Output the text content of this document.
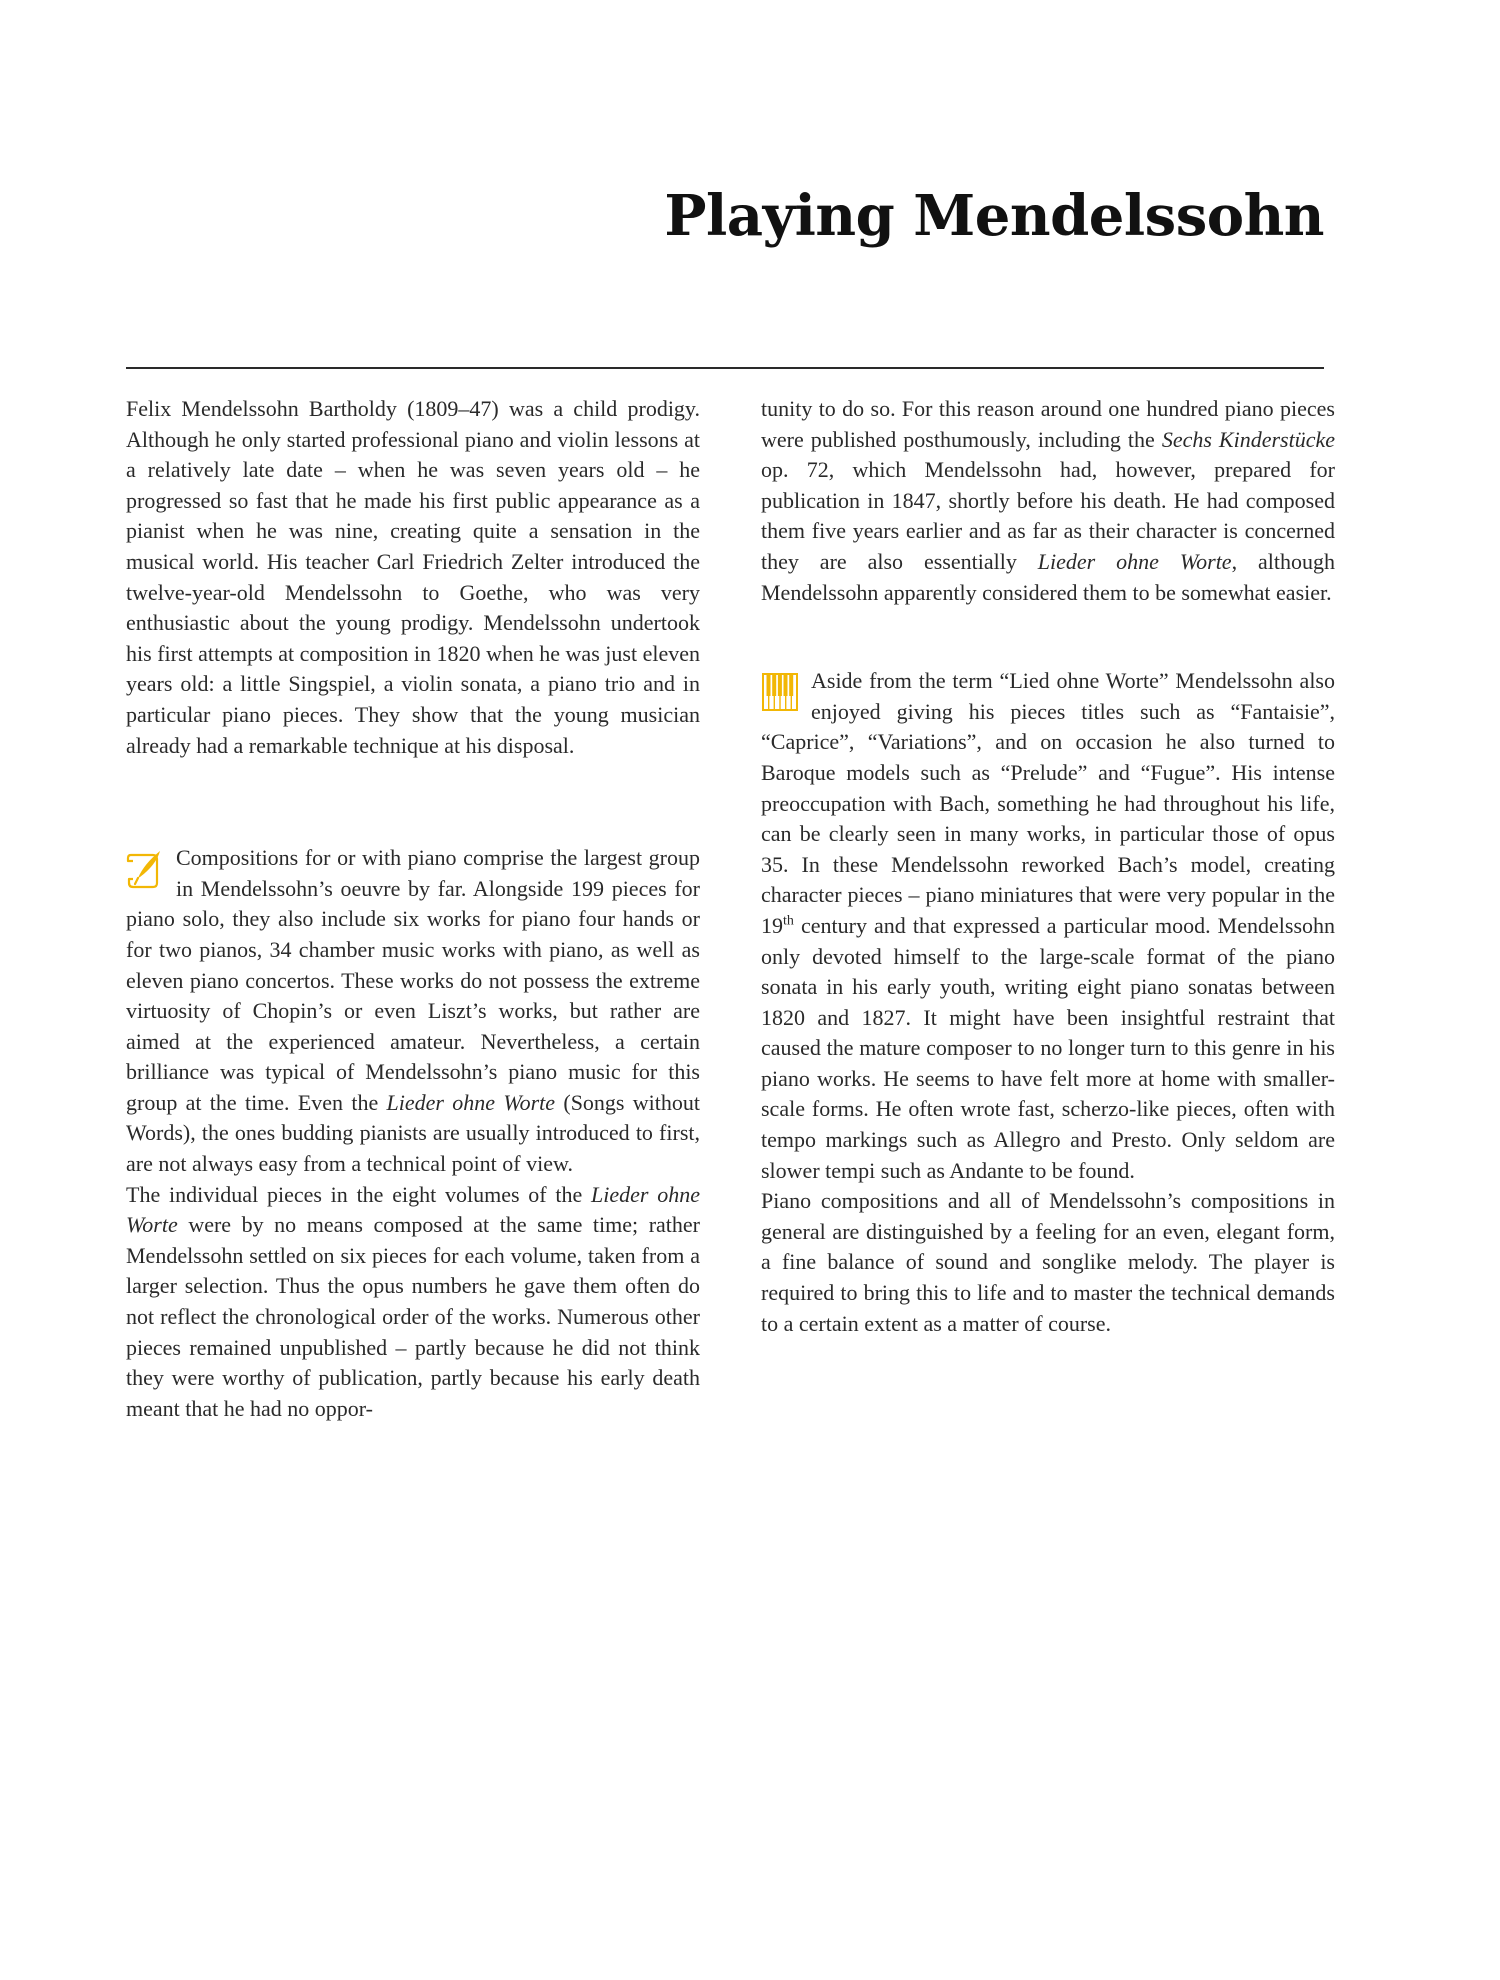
Playing Mendelssohn

Felix Mendelssohn Bartholdy (1809–47) was a child prodigy. Although he only started professional piano and violin lessons at a relatively late date – when he was seven years old – he progressed so fast that he made his first public appearance as a pianist when he was nine, creating quite a sensation in the musical world. His teacher Carl Friedrich Zelter introduced the twelve-year-old Mendelssohn to Goethe, who was very enthusiastic about the young prodigy. Mendelssohn undertook his first attempts at composition in 1820 when he was just eleven years old: a little Singspiel, a violin sonata, a piano trio and in particular piano pieces. They show that the young musician already had a remarkable technique at his disposal.

Compositions for or with piano comprise the largest group in Mendelssohn’s oeuvre by far. Alongside 199 pieces for piano solo, they also include six works for piano four hands or for two pianos, 34 chamber music works with piano, as well as eleven piano concertos. These works do not possess the extreme virtuosity of Chopin’s or even Liszt’s works, but rather are aimed at the experienced amateur. Nevertheless, a certain brilliance was typical of Mendelssohn’s piano music for this group at the time. Even the Lieder ohne Worte (Songs without Words), the ones budding pianists are usually introduced to first, are not always easy from a technical point of view.

The individual pieces in the eight volumes of the Lieder ohne Worte were by no means composed at the same time; rather Mendelssohn settled on six pieces for each volume, taken from a larger selection. Thus the opus numbers he gave them often do not reflect the chronological order of the works. Numerous other pieces remained unpublished – partly because he did not think they were worthy of publication, partly because his early death meant that he had no oppor-

tunity to do so. For this reason around one hundred piano pieces were published posthumously, including the Sechs Kinderstücke op. 72, which Mendelssohn had, however, prepared for publication in 1847, shortly before his death. He had composed them five years earlier and as far as their character is concerned they are also essentially Lieder ohne Worte, although Mendelssohn apparently considered them to be somewhat easier.

Aside from the term “Lied ohne Worte” Mendelssohn also enjoyed giving his pieces titles such as “Fantaisie”, “Caprice”, “Variations”, and on occasion he also turned to Baroque models such as “Prelude” and “Fugue”. His intense preoccupation with Bach, something he had throughout his life, can be clearly seen in many works, in particular those of opus 35. In these Mendelssohn reworked Bach’s model, creating character pieces – piano miniatures that were very popular in the 19th century and that expressed a particular mood. Mendelssohn only devoted himself to the large-scale format of the piano sonata in his early youth, writing eight piano sonatas between 1820 and 1827. It might have been insightful restraint that caused the mature composer to no longer turn to this genre in his piano works. He seems to have felt more at home with smaller-scale forms. He often wrote fast, scherzo-like pieces, often with tempo markings such as Allegro and Presto. Only seldom are slower tempi such as Andante to be found.

Piano compositions and all of Mendelssohn’s compositions in general are distinguished by a feeling for an even, elegant form, a fine balance of sound and songlike melody. The player is required to bring this to life and to master the technical demands to a certain extent as a matter of course.
